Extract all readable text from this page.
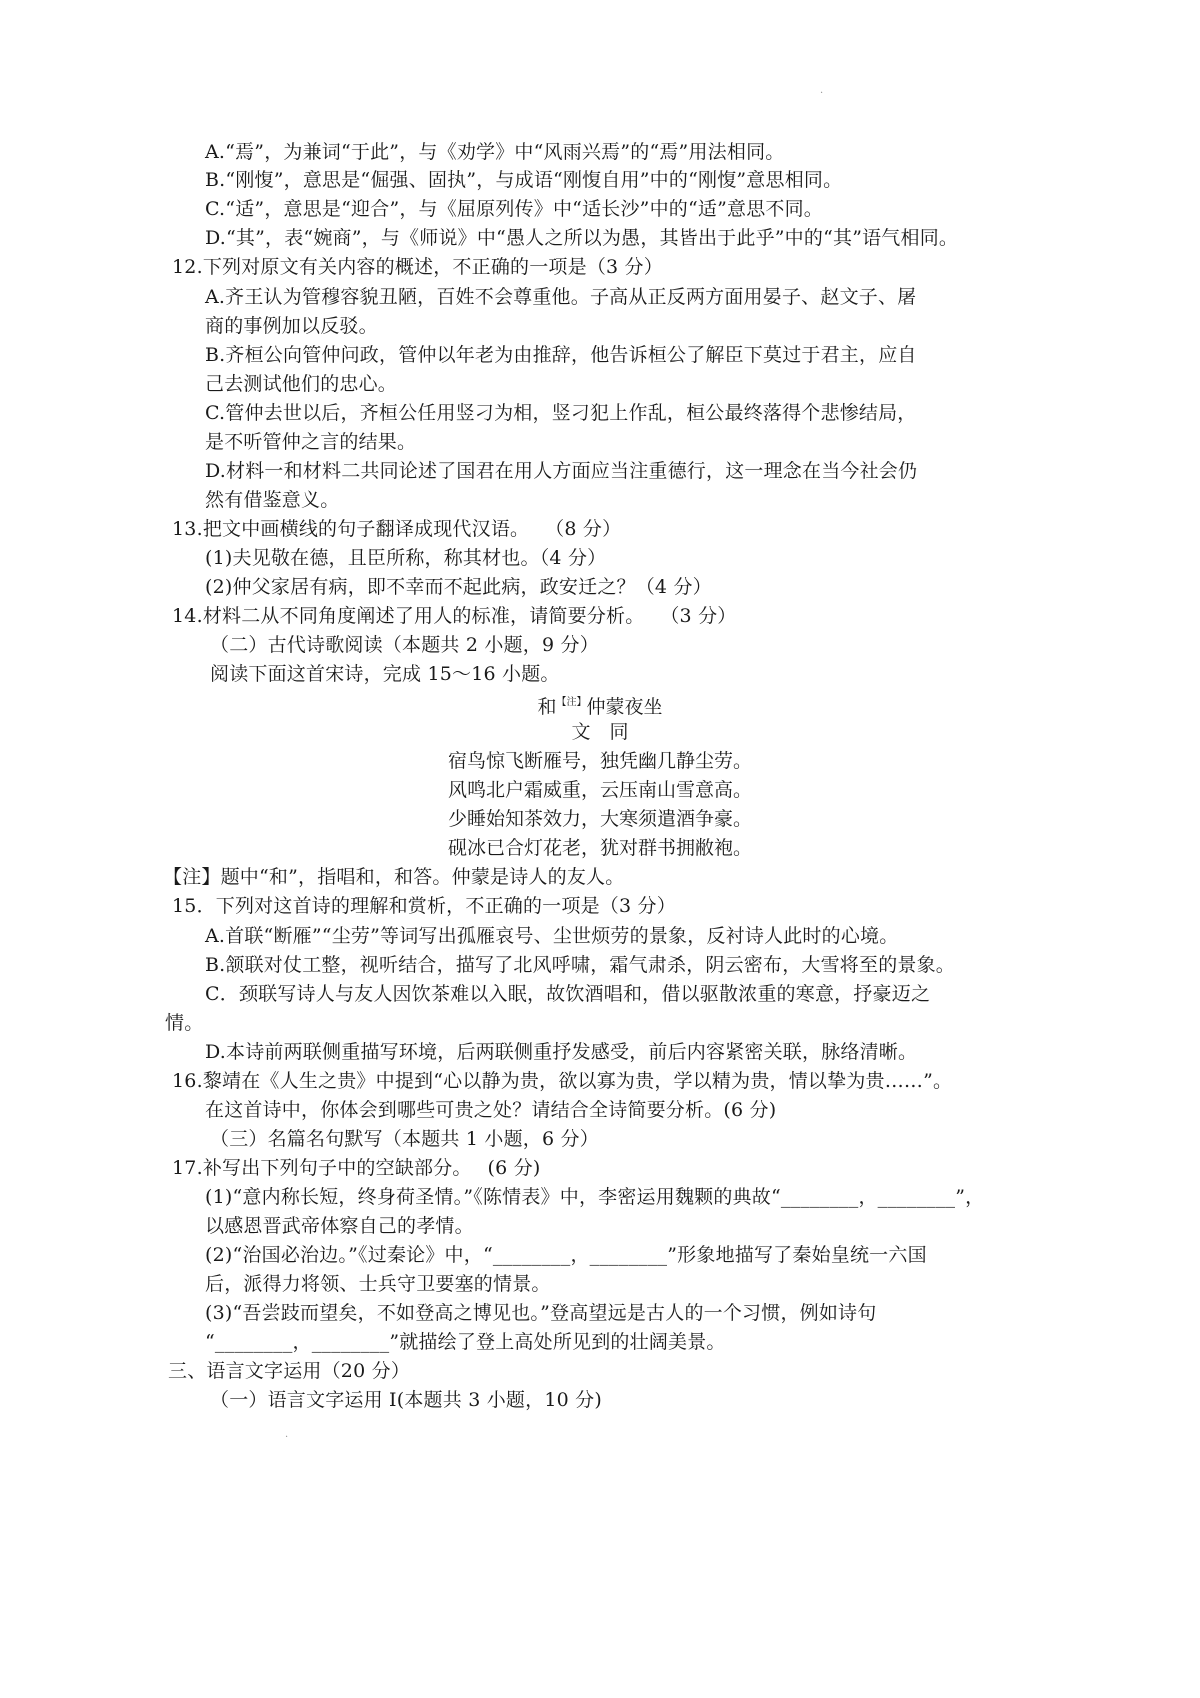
·
A.“焉”，为兼词“于此”，与《劝学》中“风雨兴焉”的“焉”用法相同。
B.“刚愎”，意思是“倔强、固执”，与成语“刚愎自用”中的“刚愎”意思相同。
C.“适”，意思是“迎合”，与《屈原列传》中“适长沙”中的“适”意思不同。
D.“其”，表“婉商”，与《师说》中“愚人之所以为愚，其皆出于此乎”中的“其”语气相同。
12.下列对原文有关内容的概述，不正确的一项是（3 分）
A.齐王认为管穆容貌丑陋，百姓不会尊重他。子高从正反两方面用晏子、赵文子、屠
商的事例加以反驳。
B.齐桓公向管仲问政，管仲以年老为由推辞，他告诉桓公了解臣下莫过于君主，应自
己去测试他们的忠心。
C.管仲去世以后，齐桓公任用竖刁为相，竖刁犯上作乱，桓公最终落得个悲惨结局，
是不听管仲之言的结果。
D.材料一和材料二共同论述了国君在用人方面应当注重德行，这一理念在当今社会仍
然有借鉴意义。
13.把文中画横线的句子翻译成现代汉语。　 （8 分）
(1)夫见敬在德，且臣所称，称其材也。（4 分）
(2)仲父家居有病，即不幸而不起此病，政安迁之？（4 分）
14.材料二从不同角度阐述了用人的标准，请简要分析。　 （3 分）
（二）古代诗歌阅读（本题共 2 小题，9 分）
阅读下面这首宋诗，完成 15～16 小题。
和$^{【注】}$仲蒙夜坐
文　同
宿鸟惊飞断雁号，独凭幽几静尘劳。
风鸣北户霜威重，云压南山雪意高。
少睡始知茶效力，大寒须遣酒争豪。
砚冰已合灯花老，犹对群书拥敝袍。
【注】题中“和”，指唱和，和答。仲蒙是诗人的友人。
15．下列对这首诗的理解和赏析，不正确的一项是（3 分）
A.首联“断雁”“尘劳”等词写出孤雁哀号、尘世烦劳的景象，反衬诗人此时的心境。
B.颔联对仗工整，视听结合，描写了北风呼啸，霜气肃杀，阴云密布，大雪将至的景象。
C．颈联写诗人与友人因饮茶难以入眠，故饮酒唱和，借以驱散浓重的寒意，抒豪迈之
情。
D.本诗前两联侧重描写环境，后两联侧重抒发感受，前后内容紧密关联，脉络清晰。
16.黎靖在《人生之贵》中提到“心以静为贵，欲以寡为贵，学以精为贵，情以挚为贵……”。
在这首诗中，你体会到哪些可贵之处？请结合全诗简要分析。(6 分)
（三）名篇名句默写（本题共 1 小题，6 分）
17.补写出下列句子中的空缺部分。　 (6 分)
(1)“意内称长短，终身荷圣情。”《陈情表》中，李密运用魏颗的典故“________，________”，
以感恩晋武帝体察自己的孝情。
(2)“治国必治边。”《过秦论》中，“________，________”形象地描写了秦始皇统一六国
后，派得力将领、士兵守卫要塞的情景。
(3)“吾尝跂而望矣，不如登高之博见也。”登高望远是古人的一个习惯，例如诗句
“________，________”就描绘了登上高处所见到的壮阔美景。
三、语言文字运用（20 分）
（一）语言文字运用 I(本题共 3 小题，10 分)
·
